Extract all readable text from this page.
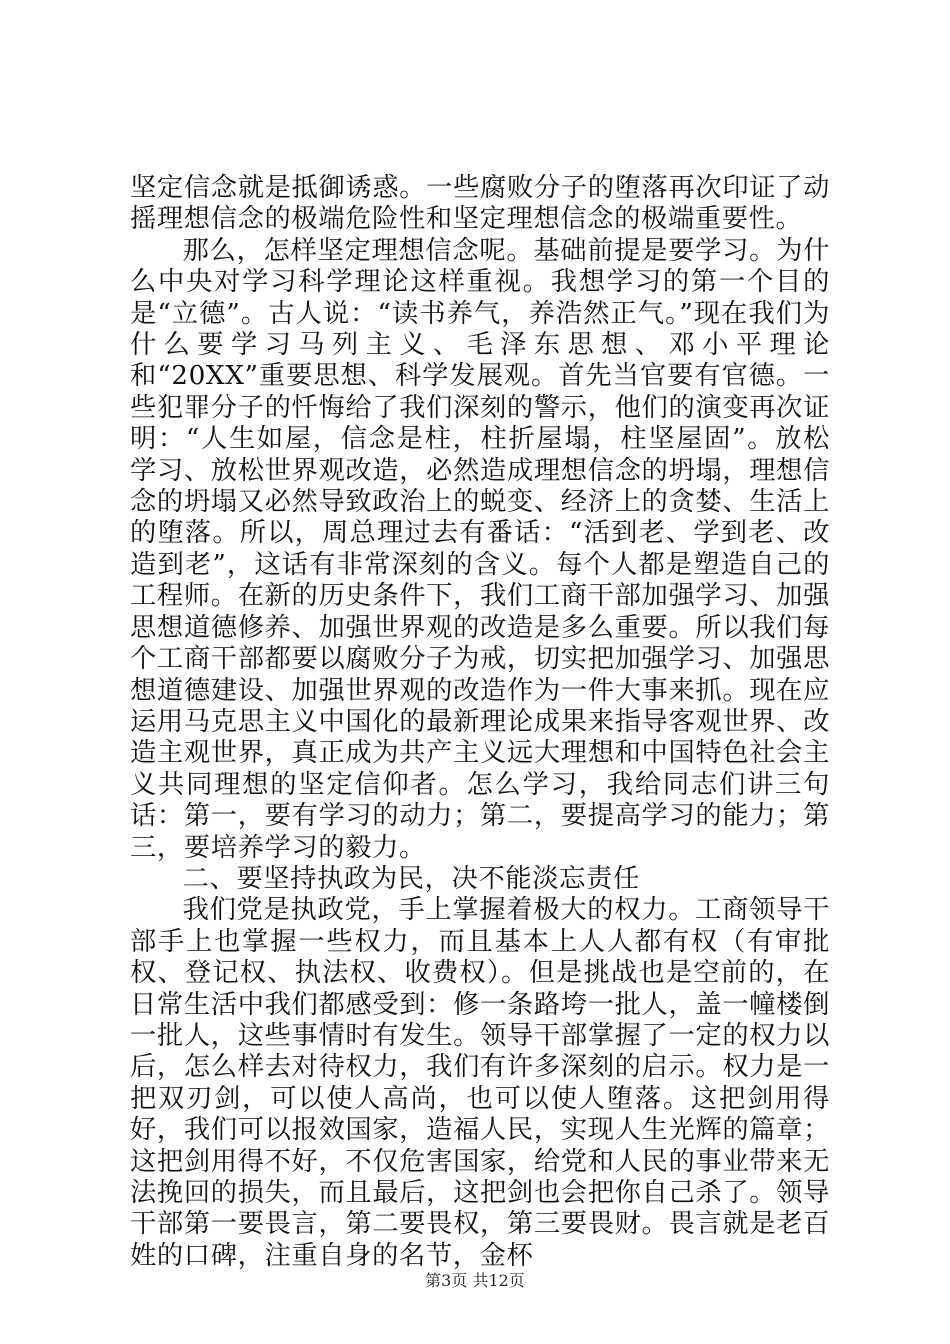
坚定信念就是抵御诱惑。一些腐败分子的堕落再次印证了动摇理想信念的极端危险性和坚定理想信念的极端重要性。

那么，怎样坚定理想信念呢。基础前提是要学习。为什么中央对学习科学理论这样重视。我想学习的第一个目的是“立德”。古人说：“读书养气，养浩然正气。”现在我们为什么要学习马列主义、毛泽东思想、邓小平理论和“20XX”重要思想、科学发展观。首先当官要有官德。一些犯罪分子的忏悔给了我们深刻的警示，他们的演变再次证明：“人生如屋，信念是柱，柱折屋塌，柱坚屋固”。放松学习、放松世界观改造，必然造成理想信念的坍塌，理想信念的坍塌又必然导致政治上的蜕变、经济上的贪婪、生活上的堕落。所以，周总理过去有番话：“活到老、学到老、改造到老”，这话有非常深刻的含义。每个人都是塑造自己的工程师。在新的历史条件下，我们工商干部加强学习、加强思想道德修养、加强世界观的改造是多么重要。所以我们每个工商干部都要以腐败分子为戒，切实把加强学习、加强思想道德建设、加强世界观的改造作为一件大事来抓。现在应运用马克思主义中国化的最新理论成果来指导客观世界、改造主观世界，真正成为共产主义远大理想和中国特色社会主义共同理想的坚定信仰者。怎么学习，我给同志们讲三句话：第一，要有学习的动力；第二，要提高学习的能力；第三，要培养学习的毅力。

二、要坚持执政为民，决不能淡忘责任

我们党是执政党，手上掌握着极大的权力。工商领导干部手上也掌握一些权力，而且基本上人人都有权（有审批权、登记权、执法权、收费权）。但是挑战也是空前的，在日常生活中我们都感受到：修一条路垮一批人，盖一幢楼倒一批人，这些事情时有发生。领导干部掌握了一定的权力以后，怎么样去对待权力，我们有许多深刻的启示。权力是一把双刃剑，可以使人高尚，也可以使人堕落。这把剑用得好，我们可以报效国家，造福人民，实现人生光辉的篇章；这把剑用得不好，不仅危害国家，给党和人民的事业带来无法挽回的损失，而且最后，这把剑也会把你自己杀了。领导干部第一要畏言，第二要畏权，第三要畏财。畏言就是老百姓的口碑，注重自身的名节，金杯

第3页 共12页
